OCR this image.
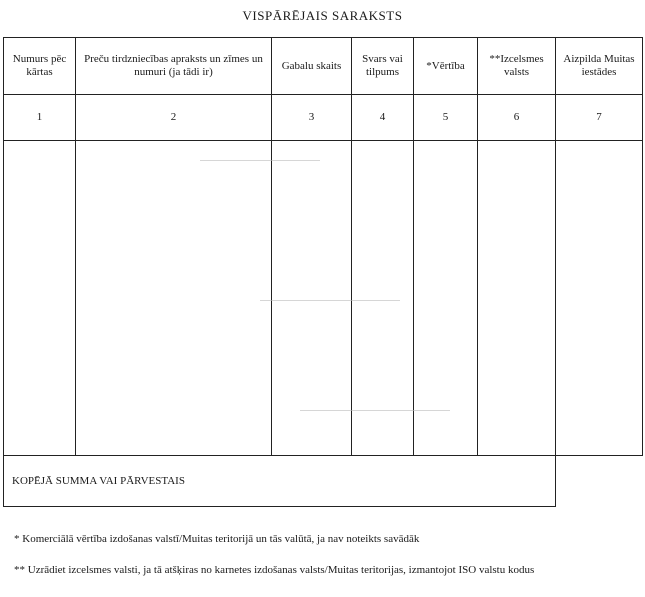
VISPĀRĒJAIS SARAKSTS
Numurs pēc kārtas	Preču tirdzniecības apraksts un zīmes un numuri (ja tādi ir)	Gabalu skaits	Svars vai tilpums	*Vērtība	**Izcelsmes valsts	Aizpilda Muitas iestādes
1	2	3	4	5	6	7

KOPĒJĀ SUMMA VAI PĀRVESTAIS						
* Komerciālā vērtība izdošanas valstī/Muitas teritorijā un tās valūtā, ja nav noteikts savādāk
** Uzrādiet izcelsmes valsti, ja tā atšķiras no karnetes izdošanas valsts/Muitas teritorijas, izmantojot ISO valstu kodus
